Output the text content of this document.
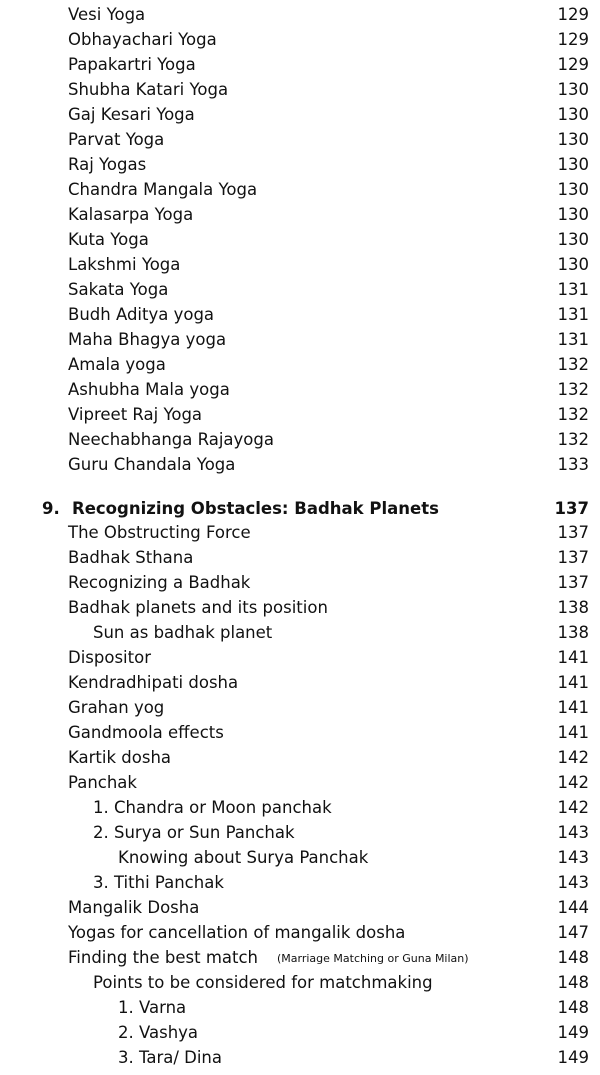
Vesi Yoga	129
Obhayachari Yoga	129
Papakartri Yoga	129
Shubha Katari Yoga	130
Gaj Kesari Yoga	130
Parvat Yoga	130
Raj Yogas	130
Chandra Mangala Yoga	130
Kalasarpa Yoga	130
Kuta Yoga	130
Lakshmi Yoga	130
Sakata Yoga	131
Budh Aditya yoga	131
Maha Bhagya yoga	131
Amala yoga	132
Ashubha Mala yoga	132
Vipreet Raj Yoga	132
Neechabhanga Rajayoga	132
Guru Chandala Yoga	133
9. Recognizing Obstacles: Badhak Planets	137
The Obstructing Force	137
Badhak Sthana	137
Recognizing a Badhak	137
Badhak planets and its position	138
Sun as badhak planet	138
Dispositor	141
Kendradhipati dosha	141
Grahan yog	141
Gandmoola effects	141
Kartik dosha	142
Panchak	142
1. Chandra or Moon panchak	142
2. Surya or Sun Panchak	143
Knowing about Surya Panchak	143
3. Tithi Panchak	143
Mangalik Dosha	144
Yogas for cancellation of mangalik dosha	147
Finding the best match (Marriage Matching or Guna Milan)	148
Points to be considered for matchmaking	148
1. Varna	148
2. Vashya	149
3. Tara/ Dina	149
